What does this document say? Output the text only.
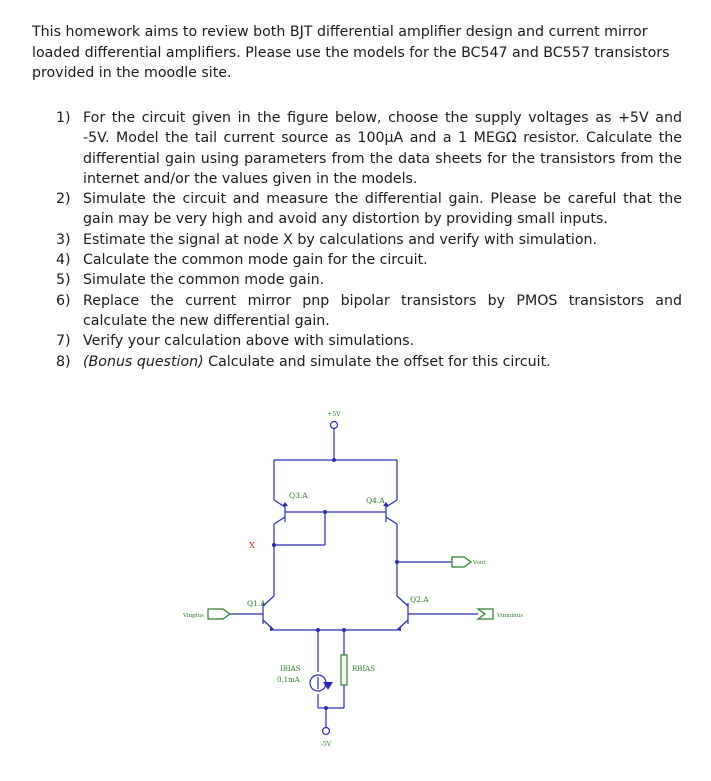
This homework aims to review both BJT differential amplifier design and current mirror loaded differential amplifiers. Please use the models for the BC547 and BC557 transistors provided in the moodle site.

1) For the circuit given in the figure below, choose the supply voltages as +5V and -5V. Model the tail current source as 100μA and a 1 MEGΩ resistor. Calculate the differential gain using parameters from the data sheets for the transistors from the internet and/or the values given in the models.
2) Simulate the circuit and measure the differential gain. Please be careful that the gain may be very high and avoid any distortion by providing small inputs.
3) Estimate the signal at node X by calculations and verify with simulation.
4) Calculate the common mode gain for the circuit.
5) Simulate the common mode gain.
6) Replace the current mirror pnp bipolar transistors by PMOS transistors and calculate the new differential gain.
7) Verify your calculation above with simulations.
8) (Bonus question) Calculate and simulate the offset for this circuit.
+5V
-5V
Q3.A
Q4.A
Q1.A	Q2.A
X
Vout
Vinplus	Vinminus
IBIAS
0.1mA
RBIAS
